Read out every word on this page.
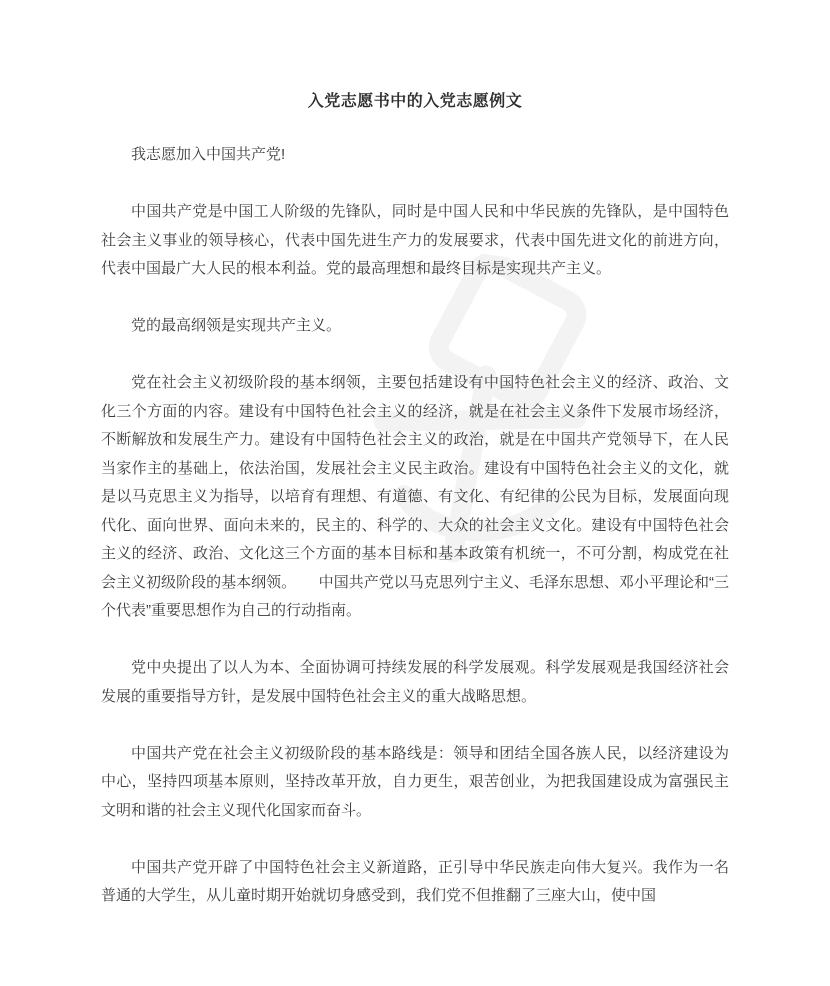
入党志愿书中的入党志愿例文

我志愿加入中国共产党!

中国共产党是中国工人阶级的先锋队，同时是中国人民和中华民族的先锋队，是中国特色社会主义事业的领导核心，代表中国先进生产力的发展要求，代表中国先进文化的前进方向，代表中国最广大人民的根本利益。党的最高理想和最终目标是实现共产主义。

党的最高纲领是实现共产主义。

党在社会主义初级阶段的基本纲领，主要包括建设有中国特色社会主义的经济、政治、文化三个方面的内容。建设有中国特色社会主义的经济，就是在社会主义条件下发展市场经济，不断解放和发展生产力。建设有中国特色社会主义的政治，就是在中国共产党领导下，在人民当家作主的基础上，依法治国，发展社会主义民主政治。建设有中国特色社会主义的文化，就是以马克思主义为指导，以培育有理想、有道德、有文化、有纪律的公民为目标，发展面向现代化、面向世界、面向未来的，民主的、科学的、大众的社会主义文化。建设有中国特色社会主义的经济、政治、文化这三个方面的基本目标和基本政策有机统一，不可分割，构成党在社会主义初级阶段的基本纲领。　　中国共产党以马克思列宁主义、毛泽东思想、邓小平理论和“三个代表”重要思想作为自己的行动指南。

党中央提出了以人为本、全面协调可持续发展的科学发展观。科学发展观是我国经济社会发展的重要指导方针，是发展中国特色社会主义的重大战略思想。

中国共产党在社会主义初级阶段的基本路线是：领导和团结全国各族人民，以经济建设为中心，坚持四项基本原则，坚持改革开放，自力更生，艰苦创业，为把我国建设成为富强民主文明和谐的社会主义现代化国家而奋斗。

中国共产党开辟了中国特色社会主义新道路，正引导中华民族走向伟大复兴。我作为一名普通的大学生，从儿童时期开始就切身感受到，我们党不但推翻了三座大山，使中国
